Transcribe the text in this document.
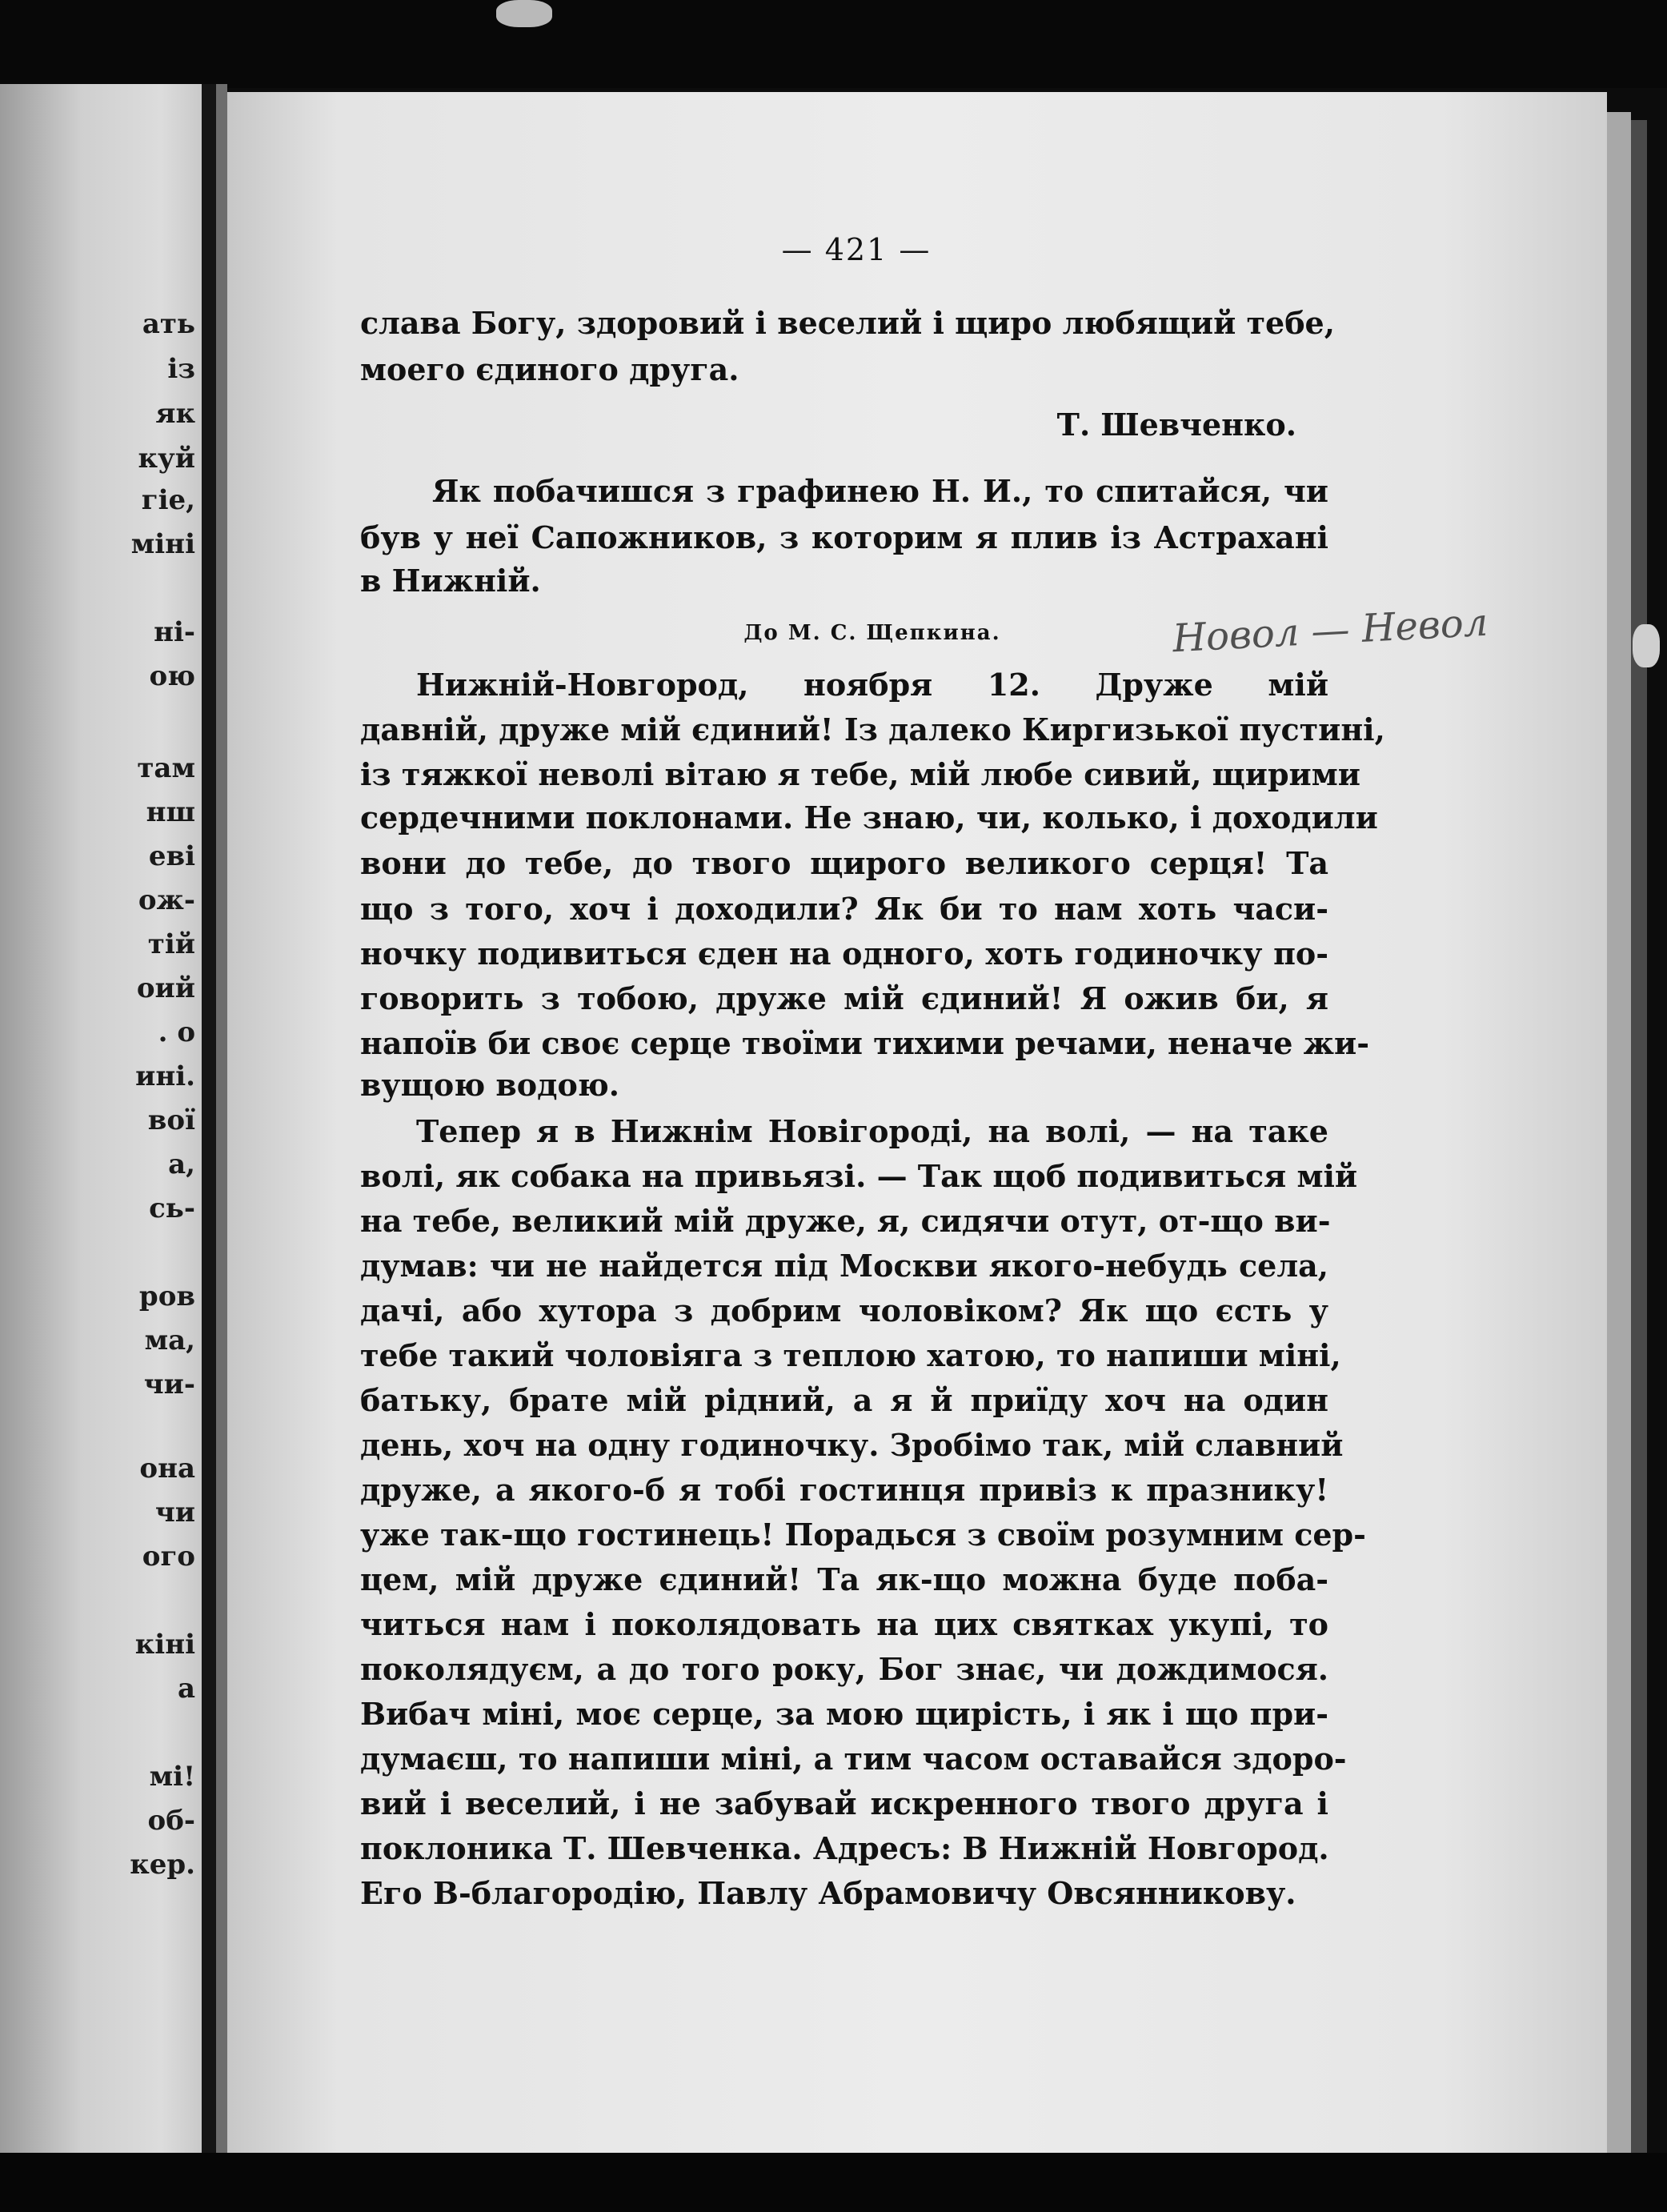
ать
із
як
куй
гіе,
міні
ні-
ою
там
нш
еві
ож-
тій
оий
. о
ині.
вої
а,
сь-
ров
ма,
чи-
она
чи
ого
кіні
а
мі!
об-
кер.
— 421 —
слава Богу, здоровий і веселий і щиро любящий тебе,
моего єдиного друга.
Т. Шевченко.
Як побачишся з графинею Н. И., то спитайся, чи
був у неї Сапожников, з которим я плив із Астрахані
в Нижній.
До М. С. Щепкина.	Новол — Невол
Нижній-Новгород, ноября 12. Друже мій
давній, друже мій єдиний! Із далеко Киргизької пустині,
із тяжкої неволі вітаю я тебе, мій любе сивий, щирими
сердечними поклонами. Не знаю, чи, колько, і доходили
вони до тебе, до твого щирого великого серця! Та
що з того, хоч і доходили? Як би то нам хоть часи-
ночку подивиться єден на одного, хоть годиночку по-
говорить з тобою, друже мій єдиний! Я ожив би, я
напоїв би своє серце твоїми тихими речами, неначе жи-
вущою водою.
Тепер я в Нижнім Новігороді, на волі, — на таке
волі, як собака на привьязі. — Так щоб подивиться мій
на тебе, великий мій друже, я, сидячи отут, от-що ви-
думав: чи не найдется під Москви якого-небудь села,
дачі, або хутора з добрим чоловіком? Як що єсть у
тебе такий чоловіяга з теплою хатою, то напиши міні,
батьку, брате мій рідний, а я й приїду хоч на один
день, хоч на одну годиночку. Зробімо так, мій славний
друже, а якого-б я тобі гостинця привіз к празнику!
уже так-що гостинець! Порадься з своїм розумним сер-
цем, мій друже єдиний! Та як-що можна буде поба-
читься нам і поколядовать на цих святках укупі, то
поколядуєм, а до того року, Бог знає, чи дождимося.
Вибач міні, моє серце, за мою щирість, і як і що при-
думаєш, то напиши міні, а тим часом оставайся здоро-
вий і веселий, і не забувай искренного твого друга і
поклоника Т. Шевченка. Адресъ: В Нижній Новгород.
Его В-благородію, Павлу Абрамовичу Овсянникову.
